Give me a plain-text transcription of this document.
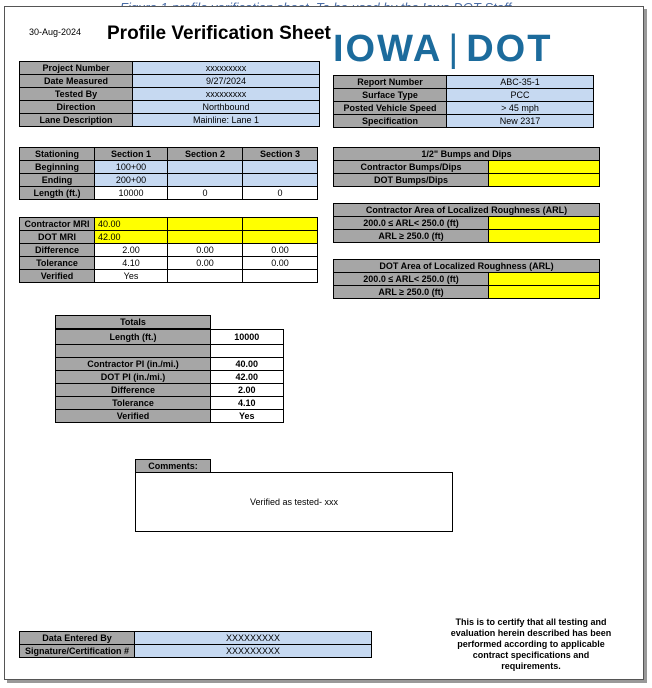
30-Aug-2024 Profile Verification Sheet IOWA | DOT
Project Number	xxxxxxxxx
Date Measured	9/27/2024
Tested By	xxxxxxxxx
Direction	Northbound
Lane Description	Mainline: Lane 1
Report Number	ABC-35-1
Surface Type	PCC
Posted Vehicle Speed	> 45 mph
Specification	New 2317
Stationing	Section 1	Section 2	Section 3
Beginning	100+00		
Ending	200+00		
Length (ft.)	10000	0	0
Contractor MRI	40.00		
DOT MRI	42.00		
Difference	2.00	0.00	0.00
Tolerance	4.10	0.00	0.00
Verified	Yes		
1/2" Bumps and Dips	
Contractor Bumps/Dips	
DOT Bumps/Dips	
Contractor Area of Localized Roughness (ARL)	
200.0 ≤ ARL< 250.0 (ft)	
ARL ≥ 250.0 (ft)	
DOT Area of Localized Roughness (ARL)	
200.0 ≤ ARL< 250.0 (ft)	
ARL ≥ 250.0 (ft)	
Totals	
Length (ft.)	10000

Contractor PI (in./mi.)	40.00
DOT PI (in./mi.)	42.00
Difference	2.00
Tolerance	4.10
Verified	Yes
Comments:
Verified as tested- xxx
Data Entered By	XXXXXXXXX
Signature/Certification #	XXXXXXXXX
This is to certify that all testing and evaluation herein described has been performed according to applicable contract specifications and requirements.
